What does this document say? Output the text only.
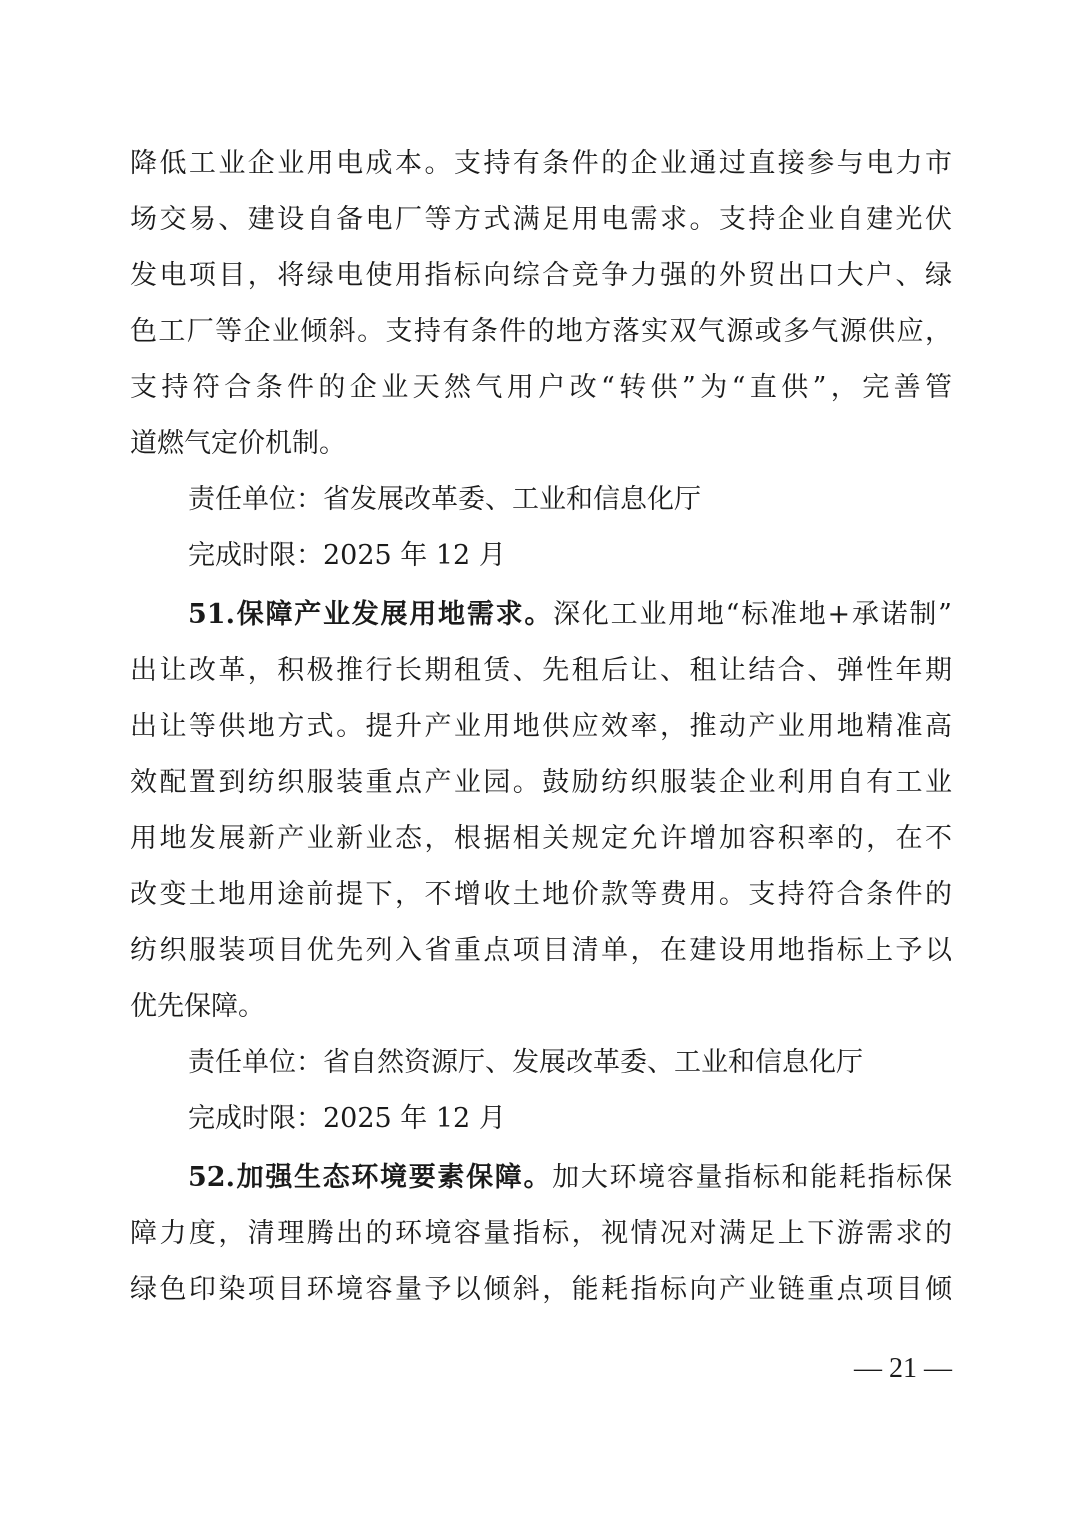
降低工业企业用电成本。支持有条件的企业通过直接参与电力市
场交易、建设自备电厂等方式满足用电需求。支持企业自建光伏
发电项目，将绿电使用指标向综合竞争力强的外贸出口大户、绿
色工厂等企业倾斜。支持有条件的地方落实双气源或多气源供应，
支持符合条件的企业天然气用户改“转供”为“直供”，完善管
道燃气定价机制。
责任单位：省发展改革委、工业和信息化厅
完成时限：2025 年 12 月
51.保障产业发展用地需求。深化工业用地“标准地+承诺制”
出让改革，积极推行长期租赁、先租后让、租让结合、弹性年期
出让等供地方式。提升产业用地供应效率，推动产业用地精准高
效配置到纺织服装重点产业园。鼓励纺织服装企业利用自有工业
用地发展新产业新业态，根据相关规定允许增加容积率的，在不
改变土地用途前提下，不增收土地价款等费用。支持符合条件的
纺织服装项目优先列入省重点项目清单，在建设用地指标上予以
优先保障。
责任单位：省自然资源厅、发展改革委、工业和信息化厅
完成时限：2025 年 12 月
52.加强生态环境要素保障。加大环境容量指标和能耗指标保
障力度，清理腾出的环境容量指标，视情况对满足上下游需求的
绿色印染项目环境容量予以倾斜，能耗指标向产业链重点项目倾
— 21 —
